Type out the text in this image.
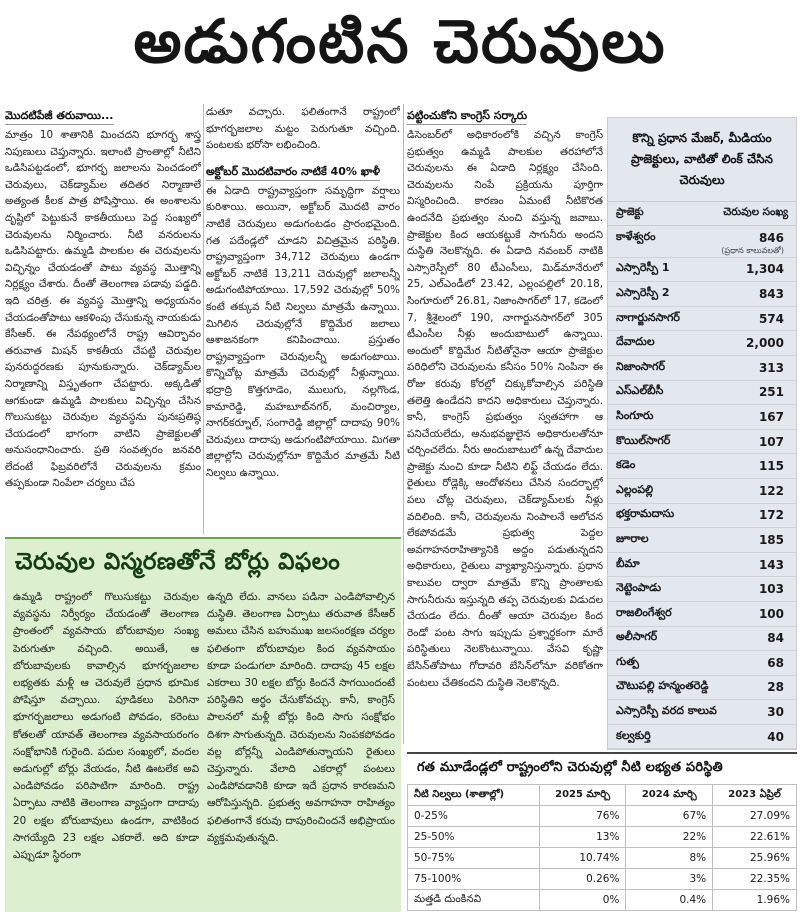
అడుగంటిన చెరువులు
మొదటిపేజీ తరువాయి...
మాత్రం 10 శాతానికి మించదని భూగర్భ శాస్త్ర నిపుణులు చెప్తున్నారు. ఇలాంటి ప్రాంతాల్లో నీటిని ఒడిసిపట్టడంలో, భూగర్భ జలాలను పెంచడంలో చెరువులు, చెక్‌డ్యామ్‌ల తదితర నిర్మాణాలే అత్యంత కీలక పాత్ర పోషిస్తాయి. ఈ అంశాలను దృష్టిలో పెట్టుకునే కాకతీయులు పెద్ద సంఖ్యలో చెరువులను నిర్మించారు. నీటి వనరులను ఒడిసిపట్టారు. ఉమ్మడి పాలకుల ఈ చెరువులను విచ్ఛిన్నం చేయడంతో పాటు వ్యవస్థ మొత్తాన్ని నిర్లక్ష్యం చేశారు. దీంతో తెలంగాణ పడావు పడ్డది. ఇది చరిత్ర. ఈ వ్యవస్థ మొత్తాన్ని అధ్యయనం చేయడంతోపాటు ఆకళింపు చేసుకున్న నాయకుడు కేసీఆర్. ఈ నేపథ్యంలోనే రాష్ట్ర ఆవిర్భావం తరువాత మిషన్ కాకతీయ చేపట్టి చెరువుల పునరుద్ధరణకు పూనుకున్నారు. చెక్‌డ్యామ్‌ల నిర్మాణాన్ని విస్తృతంగా చేపట్టారు. అక్కడితో ఆగకుండా ఉమ్మడి పాలకులు విచ్ఛిన్నం చేసిన గొలుసుకట్టు చెరువుల వ్యవస్థను పునఃప్రతిష్ఠ చేయడంలో భాగంగా వాటిని ప్రాజెక్టులతో అనుసంధానించారు. ప్రతి సంవత్సరం జనవరి లేదంటే ఫిబ్రవరిలోనే చెరువులను క్రమం తప్పకుండా నింపేలా చర్యలు చేప
డుతూ వచ్చారు. ఫలితంగానే రాష్ట్రంలో భూగర్భజలాల మట్టం పెరుగుతూ వచ్చింది. పంటలకు భరోసా లభించింది.
అక్టోబర్ మొదటివారం నాటికే 40% ఖాళీ
ఈ ఏడాది రాష్ట్రవ్యాప్తంగా సమృద్ధిగా వర్షాలు కురిశాయి. అయినా, అక్టోబర్ మొదటి వారం నాటికే చెరువులు అడుగంటడం ప్రారంభమైంది. గత పదేండ్లలో చూడని విచిత్రమైన పరిస్థితి. రాష్ట్రవ్యాప్తంగా 34,712 చెరువులు ఉండగా అక్టోబర్ నాటికే 13,211 చెరువుల్లో జలాలన్నీ అడుగంటిపోయాయి. 17,592 చెరువుల్లో 50% కంటే తక్కువ నీటి నిల్వలు మాత్రమే ఉన్నాయి. మిగిలిన చెరువుల్లోనే కొద్దిమేర జలాలు ఆశాజనకంగా కనిపించాయి. ప్రస్తుతం రాష్ట్రవ్యాప్తంగా చెరువులన్నీ అడుగంటాయి. కొన్నిచోట్ల మాత్రమే చెరువుల్లో నీళ్లున్నాయి. భద్రాద్రి కొత్తగూడెం, ములుగు, నల్లగొండ, కామారెడ్డి, మహబూబ్‌నగర్, మంచిర్యాల, నాగర్‌కర్నూల్, సంగారెడ్డి జిల్లాల్లో దాదాపు 90% చెరువులు దాదాపు అడుగంటిపోయాయి. మిగతా జిల్లాల్లోని చెరువుల్లోనూ కొద్దిమేర మాత్రమే నీటి నిల్వలు ఉన్నాయి.
పట్టించుకోని కాంగ్రెస్ సర్కారు
డిసెంబర్‌లో అధికారంలోకి వచ్చిన కాంగ్రెస్ ప్రభుత్వం ఉమ్మడి పాలకుల తరహాలోనే చెరువులను ఈ ఏడాది నిర్లక్ష్యం చేసింది. చెరువులను నింపే ప్రక్రియను పూర్తిగా విస్మరించింది. కారణం ఏమంటే నీటికొరత ఉందనేది ప్రభుత్వం నుంచి వస్తున్న జవాబు. ప్రాజెక్టుల కింద ఆయకట్టుకే సాగునీరు అందని దుస్థితి నెలకొన్నది. ఈ ఏడాది నవంబర్ నాటికి ఎస్సారెస్పీలో 80 టీఎంసీలు, మిడ్‌మానేరులో 25, ఎల్‌ఎండీలో 23.42, ఎల్లంపల్లిలో 20.18, సింగూరులో 26.81, నిజాంసాగర్‌లో 17, కడెంలో 7, శ్రీశైలంలో 190, నాగార్జునసాగర్‌లో 305 టీఎంసీల నీళ్లు అందుబాటులో ఉన్నాయి. అందులో కొద్దిమేర నీటితోనైనా ఆయా ప్రాజెక్టుల పరిధిలోని చెరువులను కనీసం 50% నింపినా ఈ రోజు కరువు కోరల్లో చిక్కుకోవాల్సిన పరిస్థితి తలెత్తి ఉండేదని కాదని అధికారులు చెప్తున్నారు. కానీ, కాంగ్రెస్ ప్రభుత్వం స్వతహాగా ఆ పనిచేయలేదు, అనుభవజ్ఞులైన అధికారులతోనూ చర్చించలేదు. నీరు అందుబాటులో ఉన్న దేవాదుల ప్రాజెక్టు నుంచి కూడా నీటిని లిఫ్ట్ చేయడం లేదు. రైతులు రోడ్లెక్కి ఆందోళనలు చేసిన సందర్భాల్లో పలు చోట్ల చెరువులు, చెక్‌డ్యామ్‌లకు నీళ్లు వదిలింది. కానీ, చెరువులను నింపాలనే ఆలోచన లేకపోవడమే ప్రభుత్వ పెద్దల అవగాహనరాహిత్యానికి అద్దం పడుతున్నదని అధికారులు, రైతులు వ్యాఖ్యానిస్తున్నారు. ప్రధాన కాలువల ద్వారా మాత్రమే కొన్ని ప్రాంతాలకు సాగునీరును ఇస్తున్నది తప్ప చెరువులకు విడుదల చేయడం లేదు. దీంతో ఆయా చెరువుల కింద రెండో పంట సాగు ఇప్పుడు ప్రశ్నార్థకంగా మారే పరిస్థితులు నెలకొంటున్నాయి. వేసవి కృష్ణా బేసిన్‌తోపాటు గోదావరి బేసిన్‌లోనూ వరికోతగా పంటలు చేతికందని దుస్థితి నెలకొన్నది.
చెరువుల విస్మరణతోనే బోర్లు విఫలం
ఉమ్మడి రాష్ట్రంలో గొలుసుకట్టు చెరువుల వ్యవస్థను నిర్వీర్యం చేయడంతో తెలంగాణ ప్రాంతంలో వ్యవసాయ బోరుబావుల సంఖ్య పెరుగుతూ వచ్చింది. అయితే, ఆ బోరుబావులకు కావాల్సిన భూగర్భజలాల లభ్యతకు మళ్లీ ఆ చెరువులే ప్రధాన భూమిక పోషిస్తూ వచ్చాయి. పూడికలు పెరిగినా భూగర్భజలాలు అడుగంటి పోవడం, కరెంటు కోతలతో యావత్ తెలంగాణ వ్యవసాయరంగం సంక్షోభానికి గురైంది. పదుల సంఖ్యలో, వందల అడుగుల్లో బోర్లు వేయడం, నీటి ఊటలేక అవి ఎండిపోవడం పరిపాటిగా మారింది. రాష్ట్ర ఏర్పాటు నాటికి తెలంగాణ వ్యాప్తంగా దాదాపు 20 లక్షల బోరుబావులు ఉండగా, వాటికింద సాగయ్యేది 23 లక్షల ఎకరాలే. అది కూడా ఎప్పుడూ స్థిరంగా
ఉన్నది లేదు. వానలు పడినా ఎండిపోవాల్సిన దుస్థితి. తెలంగాణ ఏర్పాటు తరువాత కేసీఆర్ అమలు చేసిన బహుముఖ జలసంరక్షణ చర్యల ఫలితంగా బోరుబావుల కింద వ్యవసాయం కూడా పండుగలా మారింది. దాదాపు 45 లక్షల ఎకరాలు 30 లక్షల బోర్లు కిందనే సాగయిందంటే పరిస్థితిని అర్థం చేసుకోవచ్చు. కానీ, కాంగ్రెస్ పాలనలో మళ్లీ బోర్లు కింది సాగు సంక్షోభం దిశగా సాగుతున్నది. చెరువులను నింపకపోవడం వల్ల బోర్లన్నీ ఎండిపోతున్నాయని రైతులు చెప్తున్నారు. వేలాది ఎకరాల్లో పంటలు ఎండిపోవడానికి కూడా ఇదే ప్రధాన కారణమని ఆరోపిస్తున్నది. ప్రభుత్వ అవగాహనా రాహిత్యం ఫలితంగానే కరువు దాపురించిందనే అభిప్రాయం వ్యక్తమవుతున్నది.
కొన్ని ప్రధాన మేజర్, మీడియం ప్రాజెక్టులు, వాటితో లింక్ చేసిన చెరువులు
ప్రాజెక్టు	చెరువుల సంఖ్య
కాళేశ్వరం	846
(ప్రధాన కాలువలతో)
ఎస్సారెస్పీ 1	1,304
ఎస్సారెస్పీ 2	843
నాగార్జునసాగర్	574
దేవాదుల	2,000
నిజాంసాగర్	313
ఎస్ఎల్‌బీసీ	251
సింగూరు	167
కొయిల్‌సాగర్	107
కడెం	115
ఎల్లంపల్లి	122
భక్తరామదాసు	172
జూరాల	185
బీమా	143
నెట్టెంపాడు	103
రాజలింగేశ్వర	100
అలీసాగర్	84
గుత్ప	68
చౌటుపల్లి హన్మంతరెడ్డి	28
ఎస్సారెస్పీ వరద కాలువ	30
కల్వకుర్తి	40
గత మూడేండ్లలో రాష్ట్రంలోని చెరువుల్లో నీటి లభ్యత పరిస్థితి
నీటి నిల్వలు (శాతాల్లో)	2025 మార్చి	2024 మార్చి	2023 ఏప్రిల్
0-25%	76%	67%	27.09%
25-50%	13%	22%	22.61%
50-75%	10.74%	8%	25.96%
75-100%	0.26%	3%	22.35%
మత్తడి దుంకినవి	0%	0.4%	1.96%
